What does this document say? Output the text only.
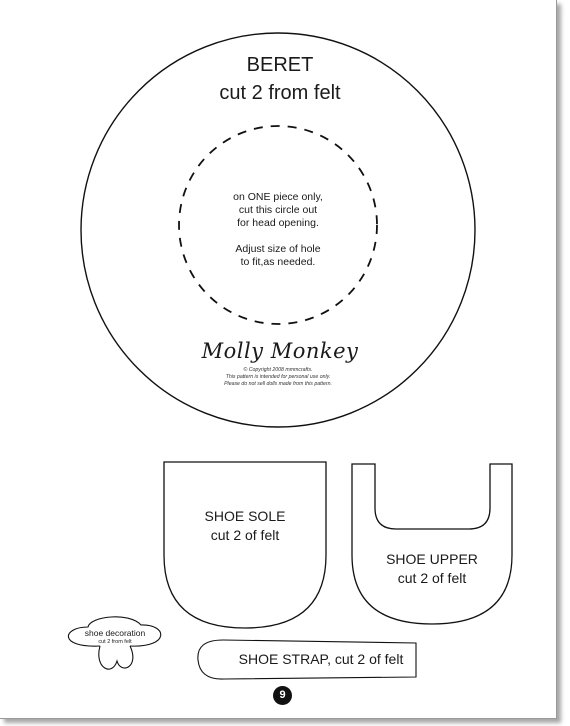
BERET
cut 2 from felt
on ONE piece only,
cut this circle out
for head opening.
Adjust size of hole
to fit,as needed.
Molly Monkey
© Copyright 2008 mmmcrafts.
This pattern is intended for personal use only.
Please do not sell dolls made from this pattern.
SHOE SOLE
cut 2 of felt
SHOE UPPER
cut 2 of felt
shoe decoration
cut 2 from felt
SHOE STRAP, cut 2 of felt
9
